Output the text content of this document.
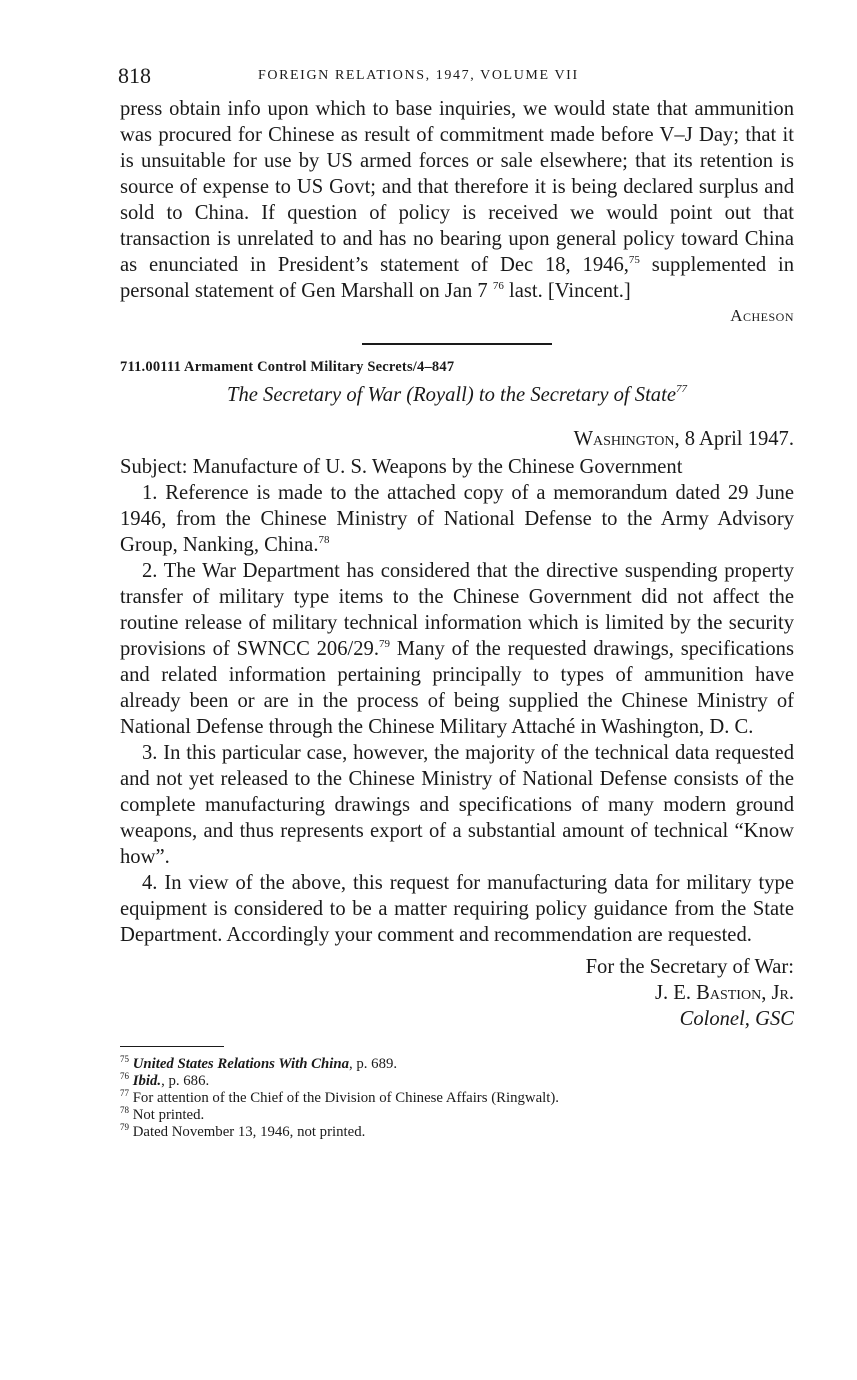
818	FOREIGN RELATIONS, 1947, VOLUME VII

press obtain info upon which to base inquiries, we would state that ammunition was procured for Chinese as result of commitment made before V–J Day; that it is unsuitable for use by US armed forces or sale elsewhere; that its retention is source of expense to US Govt; and that therefore it is being declared surplus and sold to China. If question of policy is received we would point out that transaction is unrelated to and has no bearing upon general policy toward China as enunciated in President’s statement of Dec 18, 1946,75 supplemented in personal statement of Gen Marshall on Jan 7 $^{76}$ last. [Vincent.]

Acheson

711.00111 Armament Control Military Secrets/4–847

The Secretary of War (Royall) to the Secretary of State$^{77}$

Washington, 8 April 1947.

Subject: Manufacture of U. S. Weapons by the Chinese Government

1. Reference is made to the attached copy of a memorandum dated 29 June 1946, from the Chinese Ministry of National Defense to the Army Advisory Group, Nanking, China.$^{78}$

2. The War Department has considered that the directive suspending property transfer of military type items to the Chinese Government did not affect the routine release of military technical information which is limited by the security provisions of SWNCC 206/29.79 Many of the requested drawings, specifications and related information pertaining principally to types of ammunition have already been or are in the process of being supplied the Chinese Ministry of National Defense through the Chinese Military Attaché in Washington, D. C.

3. In this particular case, however, the majority of the technical data requested and not yet released to the Chinese Ministry of National Defense consists of the complete manufacturing drawings and specifications of many modern ground weapons, and thus represents export of a substantial amount of technical “Know how”.

4. In view of the above, this request for manufacturing data for military type equipment is considered to be a matter requiring policy guidance from the State Department. Accordingly your comment and recommendation are requested.

For the Secretary of War:
J. E. Bastion, Jr.
Colonel, GSC

$^{75}$ United States Relations With China, p. 689.

$^{76}$ Ibid., p. 686.

$^{77}$ For attention of the Chief of the Division of Chinese Affairs (Ringwalt).

$^{78}$ Not printed.

$^{79}$ Dated November 13, 1946, not printed.
